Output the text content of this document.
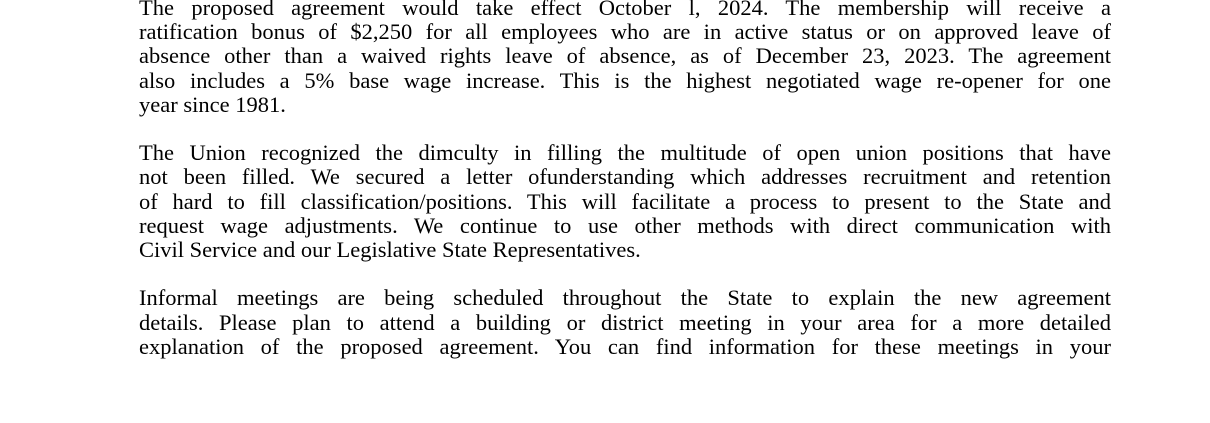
The proposed agreement would take effect October l, 2024. The membership will receive a
ratification bonus of $2,250 for all employees who are in active status or on approved leave of
absence other than a waived rights leave of absence, as of December 23, 2023. The agreement
also includes a 5% base wage increase. This is the highest negotiated wage re-opener for one
year since 1981.

The Union recognized the dimculty in filling the multitude of open union positions that have
not been filled. We secured a letter ofunderstanding which addresses recruitment and retention
of hard to fill classification/positions. This will facilitate a process to present to the State and
request wage adjustments. We continue to use other methods with direct communication with
Civil Service and our Legislative State Representatives.

Informal meetings are being scheduled throughout the State to explain the new agreement
details. Please plan to attend a building or district meeting in your area for a more detailed
explanation of the proposed agreement. You can find information for these meetings in your
